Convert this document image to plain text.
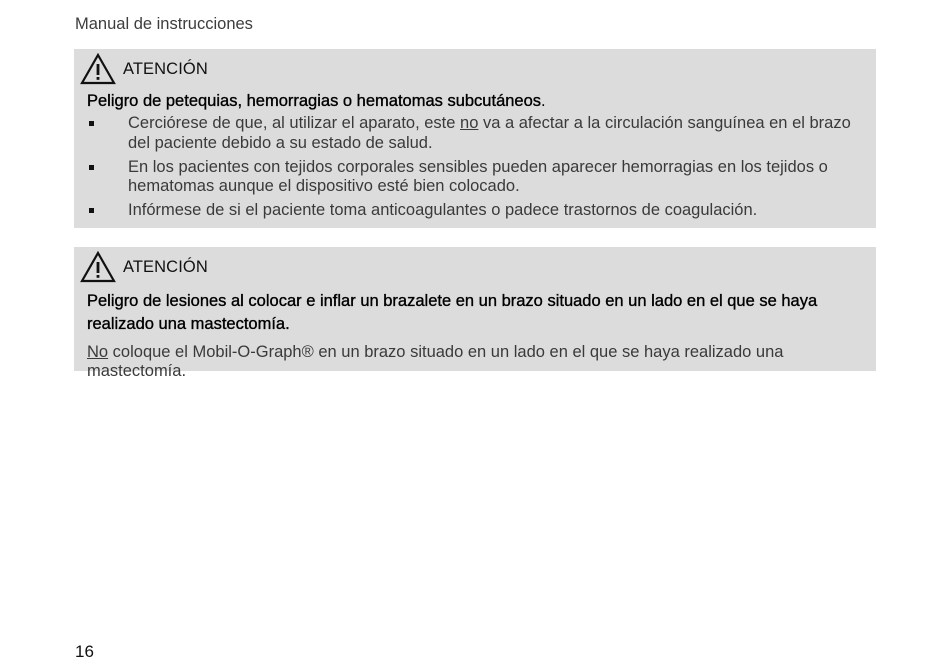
Manual de instrucciones
ATENCIÓN
Peligro de petequias, hemorragias o hematomas subcutáneos.
Cerciórese de que, al utilizar el aparato, este no va a afectar a la circulación sanguínea en el brazo del paciente debido a su estado de salud.
En los pacientes con tejidos corporales sensibles pueden aparecer hemorragias en los tejidos o hematomas aunque el dispositivo esté bien colocado.
Infórmese de si el paciente toma anticoagulantes o padece trastornos de coagulación.
ATENCIÓN
Peligro de lesiones al colocar e inflar un brazalete en un brazo situado en un lado en el que se haya realizado una mastectomía.
No coloque el Mobil-O-Graph® en un brazo situado en un lado en el que se haya realizado una mastectomía.
16
